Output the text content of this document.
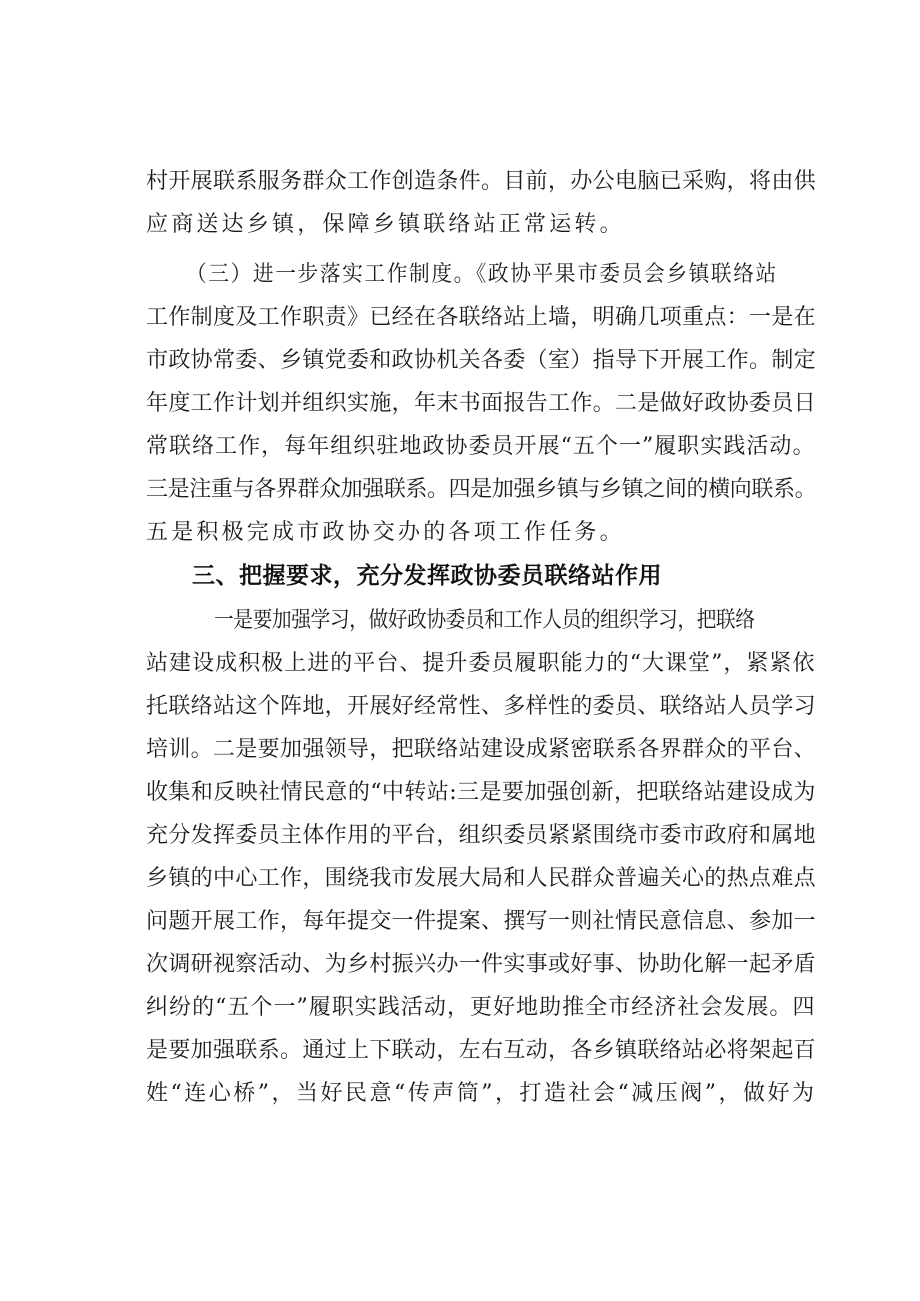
村开展联系服务群众工作创造条件。目前，办公电脑已采购，将由供
应商送达乡镇，保障乡镇联络站正常运转。
（三）进一步落实工作制度。《政协平果市委员会乡镇联络站
工作制度及工作职责》已经在各联络站上墙，明确几项重点：一是在
市政协常委、乡镇党委和政协机关各委（室）指导下开展工作。制定
年度工作计划并组织实施，年末书面报告工作。二是做好政协委员日
常联络工作，每年组织驻地政协委员开展“五个一”履职实践活动。
三是注重与各界群众加强联系。四是加强乡镇与乡镇之间的横向联系。
五是积极完成市政协交办的各项工作任务。
三、把握要求，充分发挥政协委员联络站作用
一是要加强学习，做好政协委员和工作人员的组织学习，把联络
站建设成积极上进的平台、提升委员履职能力的“大课堂”，紧紧依
托联络站这个阵地，开展好经常性、多样性的委员、联络站人员学习
培训。二是要加强领导，把联络站建设成紧密联系各界群众的平台、
收集和反映社情民意的“中转站:三是要加强创新，把联络站建设成为
充分发挥委员主体作用的平台，组织委员紧紧围绕市委市政府和属地
乡镇的中心工作，围绕我市发展大局和人民群众普遍关心的热点难点
问题开展工作，每年提交一件提案、撰写一则社情民意信息、参加一
次调研视察活动、为乡村振兴办一件实事或好事、协助化解一起矛盾
纠纷的“五个一”履职实践活动，更好地助推全市经济社会发展。四
是要加强联系。通过上下联动，左右互动，各乡镇联络站必将架起百
姓“连心桥”，当好民意“传声筒”，打造社会“减压阀”，做好为
